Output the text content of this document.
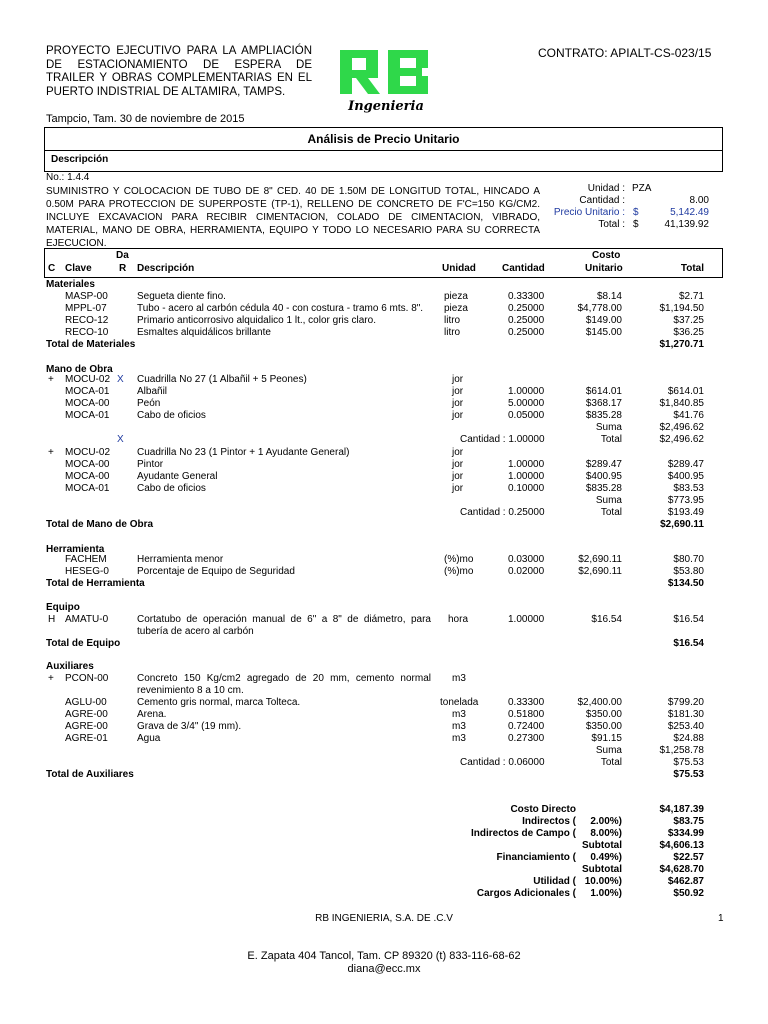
PROYECTO EJECUTIVO PARA LA AMPLIACIÓN DE ESTACIONAMIENTO DE ESPERA DE TRAILER Y OBRAS COMPLEMENTARIAS EN EL PUERTO INDISTRIAL DE ALTAMIRA, TAMPS.
CONTRATO: APIALT-CS-023/15
Ingenieria
Tampcio, Tam. 30 de noviembre de 2015
Análisis de Precio Unitario
Descripción
No.: 1.4.4
SUMINISTRO Y COLOCACION DE TUBO DE 8" CED. 40 DE 1.50M DE LONGITUD TOTAL, HINCADO A 0.50M PARA PROTECCION DE SUPERPOSTE (TP-1), RELLENO DE CONCRETO DE F'C=150 KG/CM2. INCLUYE EXCAVACION PARA RECIBIR CIMENTACION, COLADO DE CIMENTACION, VIBRADO, MATERIAL, MANO DE OBRA, HERRAMIENTA, EQUIPO Y TODO LO NECESARIO PARA SU CORRECTA EJECUCION.
Unidad : PZA
Cantidad :	8.00
Precio Unitario : $	5,142.49
Total : $	41,139.92
Da
C Clave	R Descripción	Unidad	Cantidad
Costo
Unitario	Total
Materiales
MASP-00	Segueta diente fino.	pieza	0.33300	$8.14	$2.71
MPPL-07	Tubo - acero al carbón cédula 40 - con costura - tramo 6 mts. 8". pieza	0.25000	$4,778.00	$1,194.50
RECO-12	Primario anticorrosivo alquidalico 1 lt., color gris claro.	litro	0.25000	$149.00	$37.25
RECO-10	Esmaltes alquidálicos brillante	litro	0.25000	$145.00	$36.25
Total de Materiales	$1,270.71
Mano de Obra
+ MOCU-02 X Cuadrilla No 27 (1 Albañil + 5 Peones)	jor
MOCA-01	Albañil	jor	1.00000	$614.01	$614.01
MOCA-00	Peón	jor	5.00000	$368.17	$1,840.85
MOCA-01	Cabo de oficios	jor	0.05000	$835.28	$41.76
Suma	$2,496.62
X	Cantidad : 1.00000	Total	$2,496.62
+ MOCU-02	Cuadrilla No 23 (1 Pintor + 1 Ayudante General)	jor
MOCA-00	Pintor	jor	1.00000	$289.47	$289.47
MOCA-00	Ayudante General	jor	1.00000	$400.95	$400.95
MOCA-01	Cabo de oficios	jor	0.10000	$835.28	$83.53
Suma	$773.95
Cantidad : 0.25000	Total	$193.49
Total de Mano de Obra	$2,690.11
Herramienta
FACHEM	Herramienta menor	(%)mo	0.03000	$2,690.11	$80.70
HESEG-0	Porcentaje de Equipo de Seguridad	(%)mo	0.02000	$2,690.11	$53.80
Total de Herramienta	$134.50
Equipo
H AMATU-0	Cortatubo de operación manual de 6" a 8" de diámetro, para tubería de acero al carbón
hora	1.00000	$16.54	$16.54
Total de Equipo	$16.54
Auxiliares
+ PCON-00	Concreto 150 Kg/cm2 agregado de 20 mm, cemento normal revenimiento 8 a 10 cm.
m3
AGLU-00	Cemento gris normal, marca Tolteca.	tonelada	0.33300	$2,400.00	$799.20
AGRE-00	Arena.	m3	0.51800	$350.00	$181.30
AGRE-00	Grava de 3/4" (19 mm).	m3	0.72400	$350.00	$253.40
AGRE-01	Agua	m3	0.27300	$91.15	$24.88
Suma	$1,258.78
Cantidad : 0.06000	Total	$75.53
Total de Auxiliares	$75.53
Costo Directo	$4,187.39
Indirectos (	2.00%)	$83.75
Indirectos de Campo (	8.00%)	$334.99
Subtotal	$4,606.13
Financiamiento (	0.49%)	$22.57
Subtotal	$4,628.70
Utilidad ( 10.00%)	$462.87
Cargos Adicionales (	1.00%)	$50.92
RB INGENIERIA, S.A. DE .C.V	1
E. Zapata 404 Tancol, Tam. CP 89320 (t) 833-116-68-62
diana@ecc.mx
